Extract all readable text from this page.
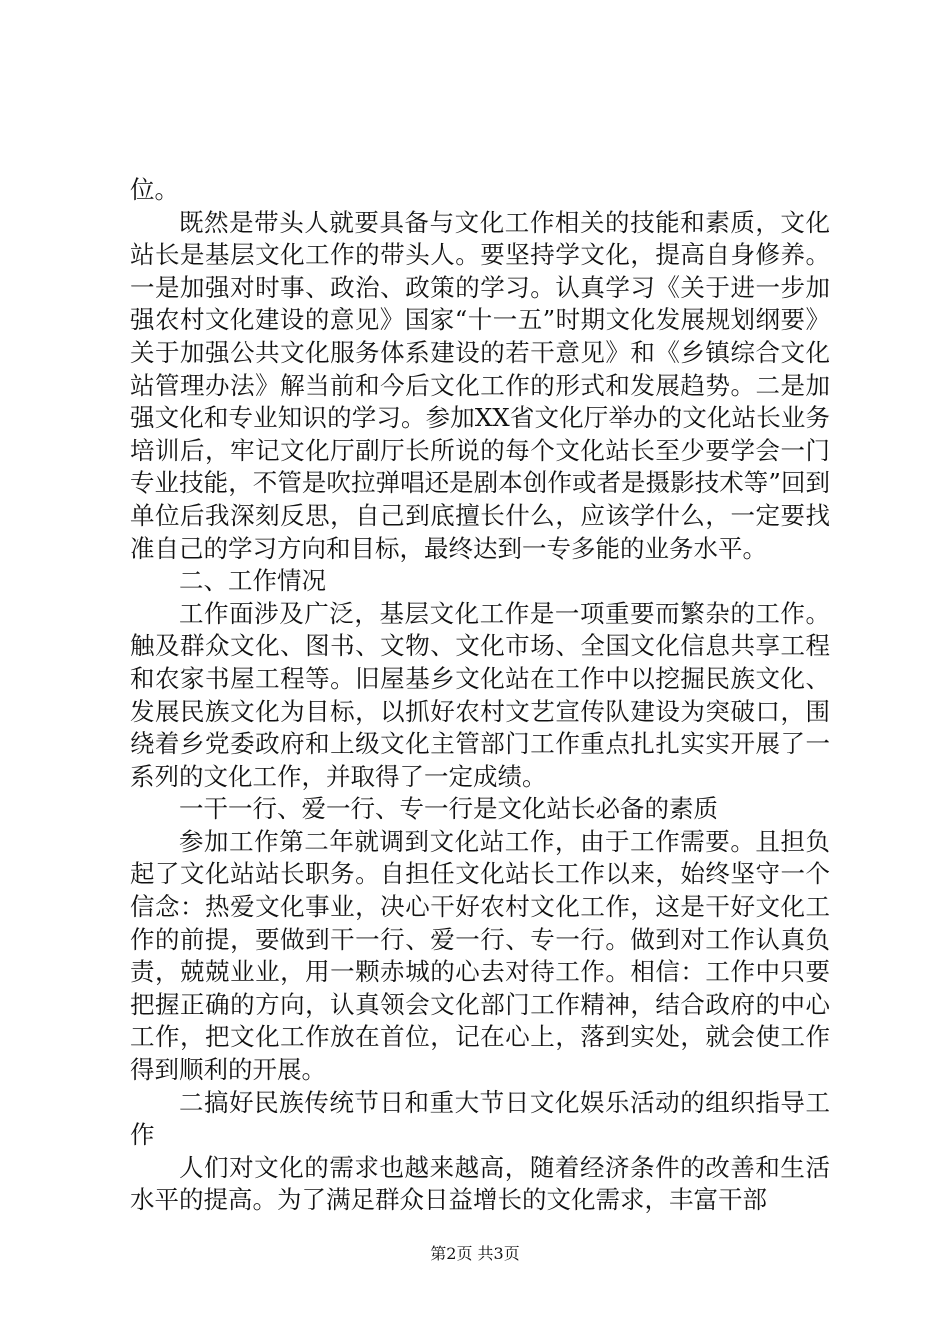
位。

既然是带头人就要具备与文化工作相关的技能和素质，文化站长是基层文化工作的带头人。要坚持学文化，提高自身修养。一是加强对时事、政治、政策的学习。认真学习《关于进一步加强农村文化建设的意见》国家“十一五”时期文化发展规划纲要》关于加强公共文化服务体系建设的若干意见》和《乡镇综合文化站管理办法》解当前和今后文化工作的形式和发展趋势。二是加强文化和专业知识的学习。参加XX省文化厅举办的文化站长业务培训后，牢记文化厅副厅长所说的每个文化站长至少要学会一门专业技能，不管是吹拉弹唱还是剧本创作或者是摄影技术等”回到单位后我深刻反思，自己到底擅长什么，应该学什么，一定要找准自己的学习方向和目标，最终达到一专多能的业务水平。

二、工作情况

工作面涉及广泛，基层文化工作是一项重要而繁杂的工作。触及群众文化、图书、文物、文化市场、全国文化信息共享工程和农家书屋工程等。旧屋基乡文化站在工作中以挖掘民族文化、发展民族文化为目标，以抓好农村文艺宣传队建设为突破口，围绕着乡党委政府和上级文化主管部门工作重点扎扎实实开展了一系列的文化工作，并取得了一定成绩。

一干一行、爱一行、专一行是文化站长必备的素质

参加工作第二年就调到文化站工作，由于工作需要。且担负起了文化站站长职务。自担任文化站长工作以来，始终坚守一个信念：热爱文化事业，决心干好农村文化工作，这是干好文化工作的前提，要做到干一行、爱一行、专一行。做到对工作认真负责，兢兢业业，用一颗赤城的心去对待工作。相信：工作中只要把握正确的方向，认真领会文化部门工作精神，结合政府的中心工作，把文化工作放在首位，记在心上，落到实处，就会使工作得到顺利的开展。

二搞好民族传统节日和重大节日文化娱乐活动的组织指导工作

人们对文化的需求也越来越高，随着经济条件的改善和生活水平的提高。为了满足群众日益增长的文化需求，丰富干部

第2页 共3页
